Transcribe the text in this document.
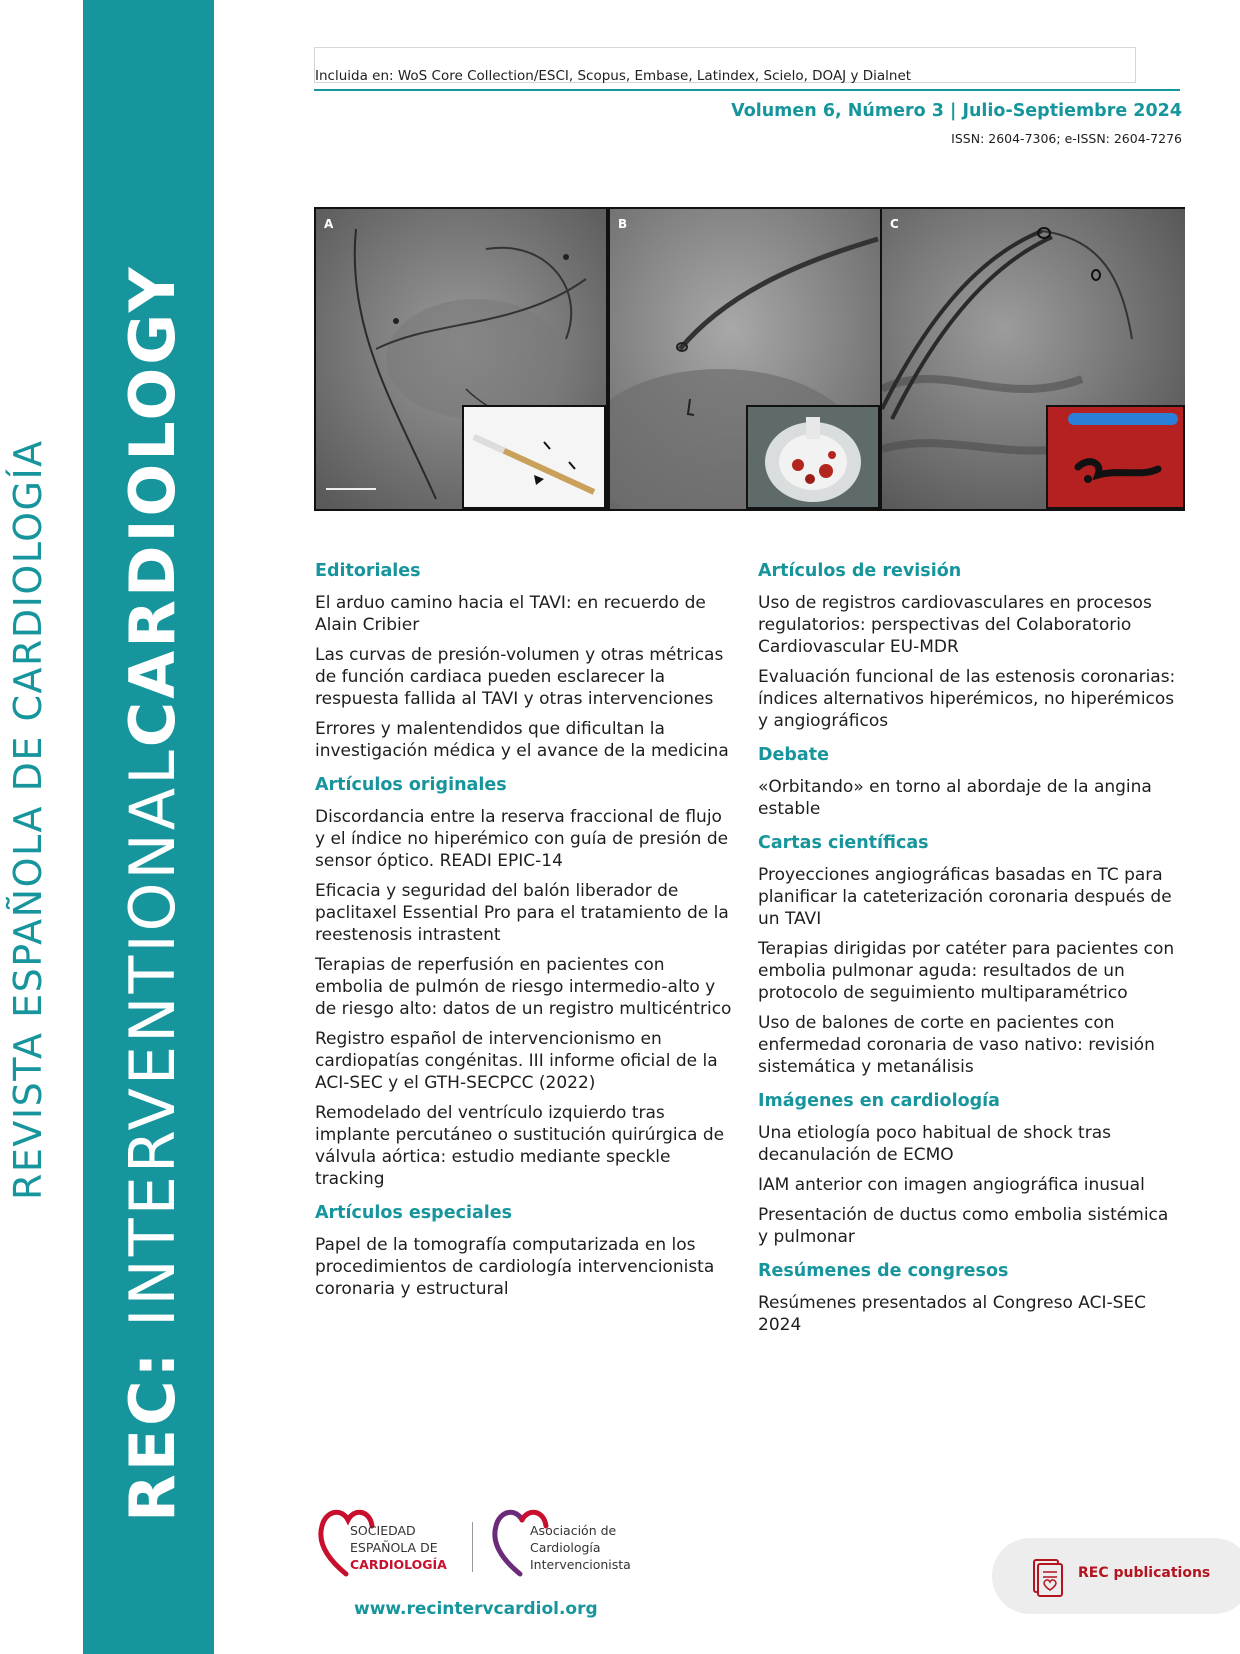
REVISTA ESPAÑOLA DE CARDIOLOGÍA
REC: INTERVENTIONALCARDIOLOGY
Incluida en: WoS Core Collection/ESCI, Scopus, Embase, Latindex, Scielo, DOAJ y Dialnet
Volumen 6, Número 3 | Julio-Septiembre 2024
ISSN: 2604-7306; e-ISSN: 2604-7276
A	B	C
Editoriales
El arduo camino hacia el TAVI: en recuerdo de Alain Cribier
Las curvas de presión-volumen y otras métricas de función cardiaca pueden esclarecer la respuesta fallida al TAVI y otras intervenciones
Errores y malentendidos que dificultan la investigación médica y el avance de la medicina
Artículos originales
Discordancia entre la reserva fraccional de flujo y el índice no hiperémico con guía de presión de sensor óptico. READI EPIC-14
Eficacia y seguridad del balón liberador de paclitaxel Essential Pro para el tratamiento de la reestenosis intrastent
Terapias de reperfusión en pacientes con embolia de pulmón de riesgo intermedio-alto y de riesgo alto: datos de un registro multicéntrico
Registro español de intervencionismo en cardiopatías congénitas. III informe oficial de la ACI-SEC y el GTH-SECPCC (2022)
Remodelado del ventrículo izquierdo tras implante percutáneo o sustitución quirúrgica de válvula aórtica: estudio mediante speckle tracking
Artículos especiales
Papel de la tomografía computarizada en los procedimientos de cardiología intervencionista coronaria y estructural
Artículos de revisión
Uso de registros cardiovasculares en procesos regulatorios: perspectivas del Colaboratorio Cardiovascular EU-MDR
Evaluación funcional de las estenosis coronarias: índices alternativos hiperémicos, no hiperémicos y angiográficos
Debate
«Orbitando» en torno al abordaje de la angina estable
Cartas científicas
Proyecciones angiográficas basadas en TC para planificar la cateterización coronaria después de un TAVI
Terapias dirigidas por catéter para pacientes con embolia pulmonar aguda: resultados de un protocolo de seguimiento multiparamétrico
Uso de balones de corte en pacientes con enfermedad coronaria de vaso nativo: revisión sistemática y metanálisis
Imágenes en cardiología
Una etiología poco habitual de shock tras decanulación de ECMO
IAM anterior con imagen angiográfica inusual
Presentación de ductus como embolia sistémica y pulmonar
Resúmenes de congresos
Resúmenes presentados al Congreso ACI-SEC 2024
SOCIEDAD
ESPAÑOLA DE
CARDIOLOGÍA
Asociación de
Cardiología
Intervencionista
www.recintervcardiol.org
REC publications
